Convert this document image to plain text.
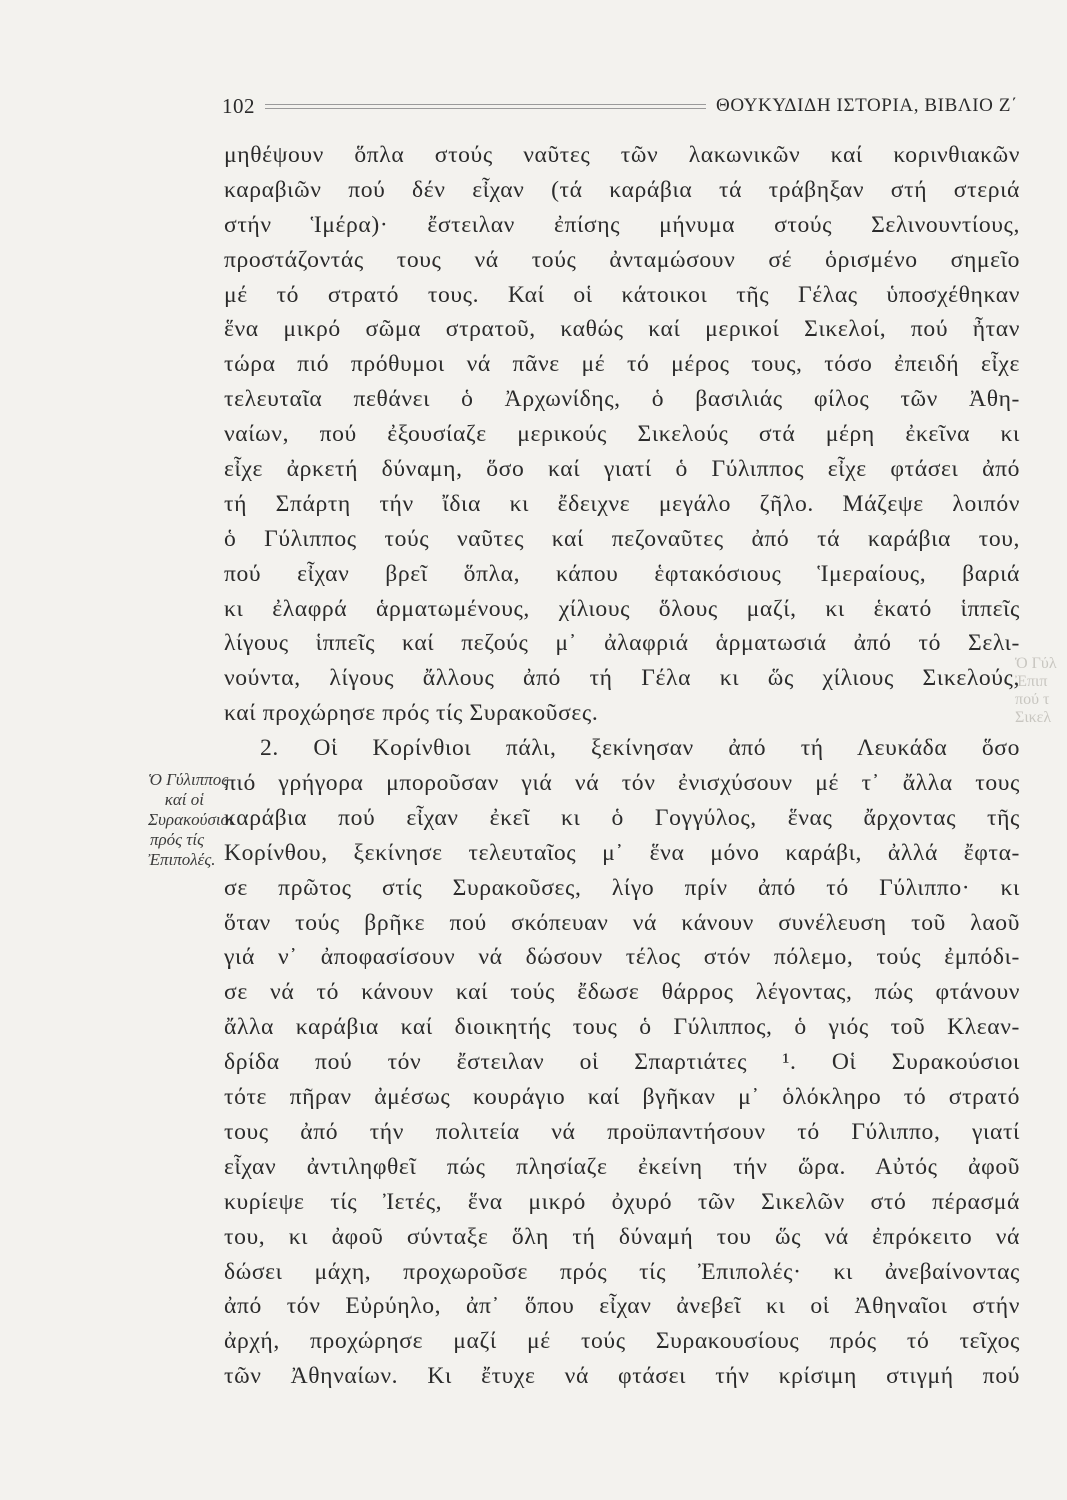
102	ΘΟΥΚΥΔΙΔΗ ΙΣΤΟΡΙΑ, ΒΙΒΛΙΟ Ζ΄
Ὁ Γύλιππος
καί οἱ
Συρακούσιοι
πρός τίς
Ἐπιπολές.
Ὁ Γύλ
Ἐπιπ
πού τ
Σικελ
μηθέψουν ὅπλα στούς ναῦτες τῶν λακωνικῶν καί κορινθιακῶν
καραβιῶν πού δέν εἶχαν (τά καράβια τά τράβηξαν στή στεριά
στήν Ἱμέρα)· ἔστειλαν ἐπίσης μήνυμα στούς Σελινουντίους,
προστάζοντάς τους νά τούς ἀνταμώσουν σέ ὁρισμένο σημεῖο
μέ τό στρατό τους. Καί οἱ κάτοικοι τῆς Γέλας ὑποσχέθηκαν
ἕνα μικρό σῶμα στρατοῦ, καθώς καί μερικοί Σικελοί, πού ἦταν
τώρα πιό πρόθυμοι νά πᾶνε μέ τό μέρος τους, τόσο ἐπειδή εἶχε
τελευταῖα πεθάνει ὁ Ἀρχωνίδης, ὁ βασιλιάς φίλος τῶν Ἀθη-
ναίων, πού ἐξουσίαζε μερικούς Σικελούς στά μέρη ἐκεῖνα κι
εἶχε ἀρκετή δύναμη, ὅσο καί γιατί ὁ Γύλιππος εἶχε φτάσει ἀπό
τή Σπάρτη τήν ἴδια κι ἔδειχνε μεγάλο ζῆλο. Μάζεψε λοιπόν
ὁ Γύλιππος τούς ναῦτες καί πεζοναῦτες ἀπό τά καράβια του,
πού εἶχαν βρεῖ ὅπλα, κάπου ἑφτακόσιους Ἱμεραίους, βαριά
κι ἐλαφρά ἁρματωμένους, χίλιους ὅλους μαζί, κι ἑκατό ἱππεῖς
λίγους ἱππεῖς καί πεζούς μ᾿ ἀλαφριά ἁρματωσιά ἀπό τό Σελι-
νούντα, λίγους ἄλλους ἀπό τή Γέλα κι ὥς χίλιους Σικελούς,
καί προχώρησε πρός τίς Συρακοῦσες.
2. Οἱ Κορίνθιοι πάλι, ξεκίνησαν ἀπό τή Λευκάδα ὅσο
πιό γρήγορα μποροῦσαν γιά νά τόν ἐνισχύσουν μέ τ᾿ ἄλλα τους
καράβια πού εἶχαν ἐκεῖ κι ὁ Γογγύλος, ἕνας ἄρχοντας τῆς
Κορίνθου, ξεκίνησε τελευταῖος μ᾿ ἕνα μόνο καράβι, ἀλλά ἔφτα-
σε πρῶτος στίς Συρακοῦσες, λίγο πρίν ἀπό τό Γύλιππο· κι
ὅταν τούς βρῆκε πού σκόπευαν νά κάνουν συνέλευση τοῦ λαοῦ
γιά ν᾿ ἀποφασίσουν νά δώσουν τέλος στόν πόλεμο, τούς ἐμπόδι-
σε νά τό κάνουν καί τούς ἔδωσε θάρρος λέγοντας, πώς φτάνουν
ἄλλα καράβια καί διοικητής τους ὁ Γύλιππος, ὁ γιός τοῦ Κλεαν-
δρίδα πού τόν ἔστειλαν οἱ Σπαρτιάτες ¹. Οἱ Συρακούσιοι
τότε πῆραν ἀμέσως κουράγιο καί βγῆκαν μ᾿ ὁλόκληρο τό στρατό
τους ἀπό τήν πολιτεία νά προϋπαντήσουν τό Γύλιππο, γιατί
εἶχαν ἀντιληφθεῖ πώς πλησίαζε ἐκείνη τήν ὥρα. Αὐτός ἀφοῦ
κυρίεψε τίς Ἰετές, ἕνα μικρό ὀχυρό τῶν Σικελῶν στό πέρασμά
του, κι ἀφοῦ σύνταξε ὅλη τή δύναμή του ὥς νά ἐπρόκειτο νά
δώσει μάχη, προχωροῦσε πρός τίς Ἐπιπολές· κι ἀνεβαίνοντας
ἀπό τόν Εὐρύηλο, ἀπ᾿ ὅπου εἶχαν ἀνεβεῖ κι οἱ Ἀθηναῖοι στήν
ἀρχή, προχώρησε μαζί μέ τούς Συρακουσίους πρός τό τεῖχος
τῶν Ἀθηναίων. Κι ἔτυχε νά φτάσει τήν κρίσιμη στιγμή πού
